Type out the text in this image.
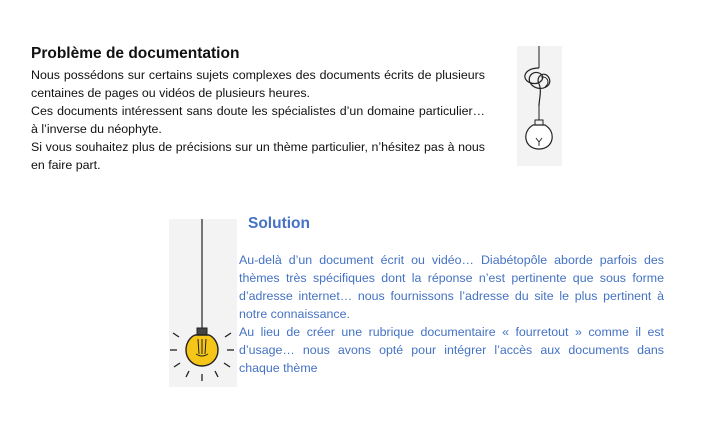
Problème de documentation

Nous possédons sur certains sujets complexes des documents écrits de plusieurs centaines de pages ou vidéos de plusieurs heures.

Ces documents intéressent sans doute les spécialistes d’un domaine particulier… à l’inverse du néophyte.

Si vous souhaitez plus de précisions sur un thème particulier, n’hésitez pas à nous en faire part.

Solution

Au-delà d’un document écrit ou vidéo… Diabétopôle aborde parfois des thèmes très spécifiques dont la réponse n’est pertinente que sous forme d’adresse internet… nous fournissons l’adresse du site le plus pertinent à notre connaissance.

Au lieu de créer une rubrique documentaire « fourretout » comme il est d’usage… nous avons opté pour intégrer l’accès aux documents dans chaque thème
